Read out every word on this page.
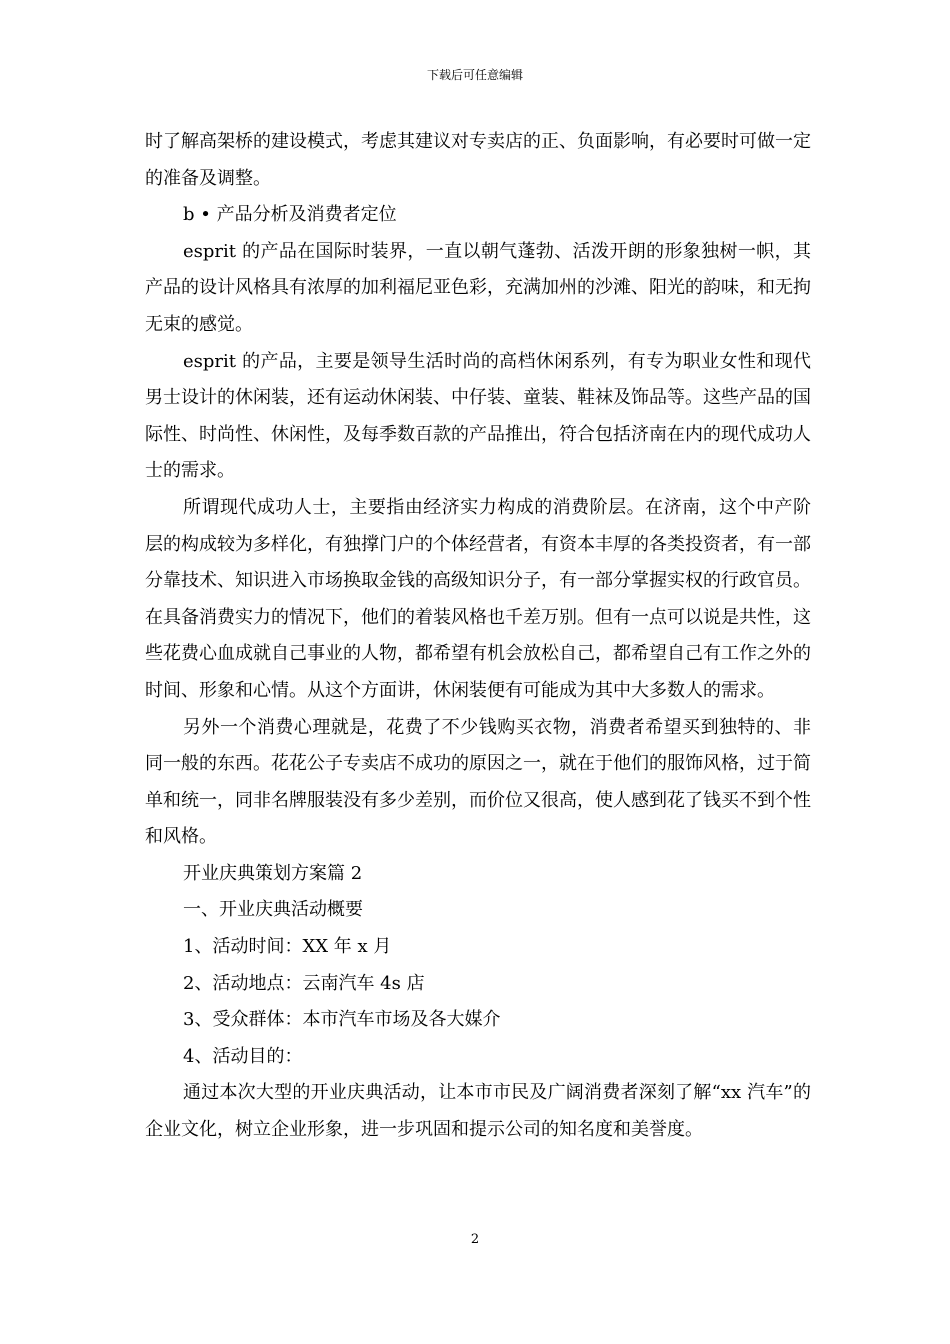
下载后可任意编辑

时了解高架桥的建设模式，考虑其建议对专卖店的正、负面影响，有必要时可做一定的准备及调整。

b • 产品分析及消费者定位

esprit 的产品在国际时装界，一直以朝气蓬勃、活泼开朗的形象独树一帜，其产品的设计风格具有浓厚的加利福尼亚色彩，充满加州的沙滩、阳光的韵味，和无拘无束的感觉。

esprit 的产品，主要是领导生活时尚的高档休闲系列，有专为职业女性和现代男士设计的休闲装，还有运动休闲装、中仔装、童装、鞋袜及饰品等。这些产品的国际性、时尚性、休闲性，及每季数百款的产品推出，符合包括济南在内的现代成功人士的需求。

所谓现代成功人士，主要指由经济实力构成的消费阶层。在济南，这个中产阶层的构成较为多样化，有独撑门户的个体经营者，有资本丰厚的各类投资者，有一部分靠技术、知识进入市场换取金钱的高级知识分子，有一部分掌握实权的行政官员。在具备消费实力的情况下，他们的着装风格也千差万别。但有一点可以说是共性，这些花费心血成就自己事业的人物，都希望有机会放松自己，都希望自己有工作之外的时间、形象和心情。从这个方面讲，休闲装便有可能成为其中大多数人的需求。

另外一个消费心理就是，花费了不少钱购买衣物，消费者希望买到独特的、非同一般的东西。花花公子专卖店不成功的原因之一，就在于他们的服饰风格，过于简单和统一，同非名牌服装没有多少差别，而价位又很高，使人感到花了钱买不到个性和风格。

开业庆典策划方案篇 2

一、开业庆典活动概要

1、活动时间：XX 年 x 月

2、活动地点：云南汽车 4s 店

3、受众群体：本市汽车市场及各大媒介

4、活动目的：

通过本次大型的开业庆典活动，让本市市民及广阔消费者深刻了解“xx 汽车”的企业文化，树立企业形象，进一步巩固和提示公司的知名度和美誉度。

2
